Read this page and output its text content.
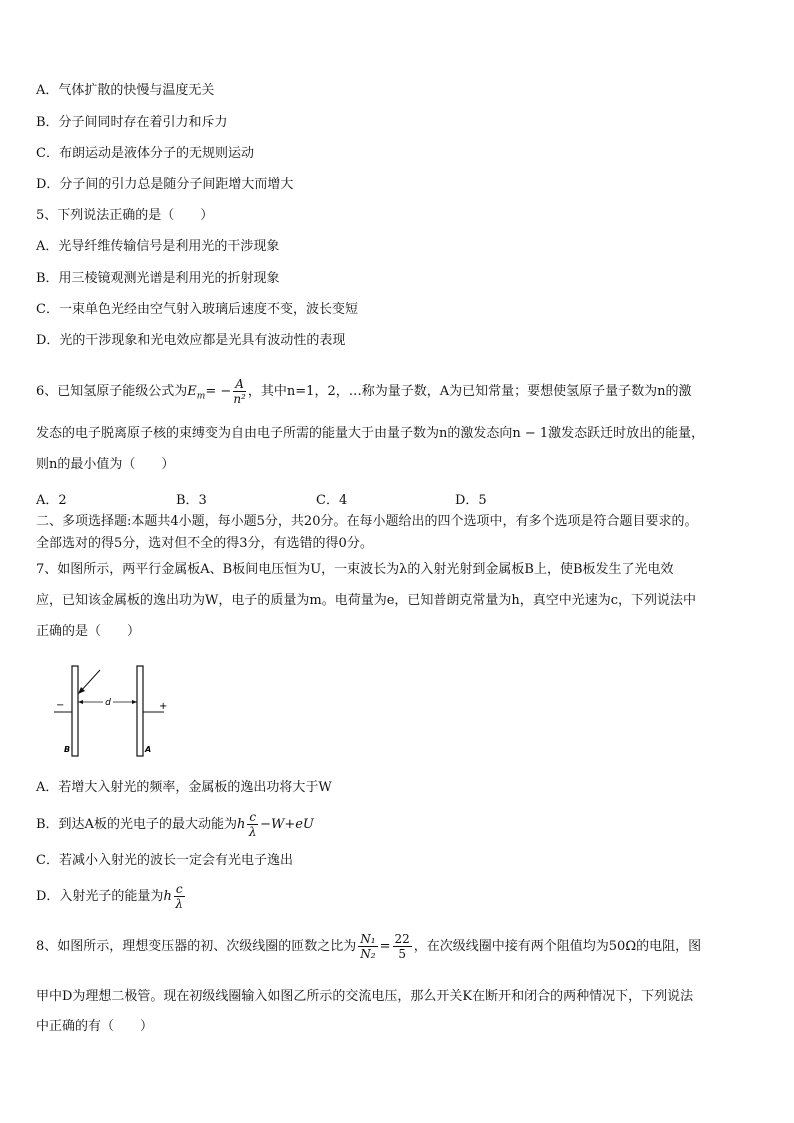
A．气体扩散的快慢与温度无关
B．分子间同时存在着引力和斥力
C．布朗运动是液体分子的无规则运动
D．分子间的引力总是随分子间距增大而增大
5、下列说法正确的是（　　）
A．光导纤维传输信号是利用光的干涉现象
B．用三棱镜观测光谱是利用光的折射现象
C．一束单色光经由空气射入玻璃后速度不变，波长变短
D．光的干涉现象和光电效应都是光具有波动性的表现
6、已知氢原子能级公式为$E_m= - \frac{A}{\text{n²}}$ ，其中n=1，2，…称为量子数，A为已知常量；要想使氢原子量子数为n的激
发态的电子脱离原子核的束缚变为自由电子所需的能量大于由量子数为n的激发态向n − 1激发态跃迁时放出的能量，
则n的最小值为（　　）
A．2	B．3	C．4	D．5
二、多项选择题:本题共4小题，每小题5分，共20分。在每小题给出的四个选项中，有多个选项是符合题目要求的。
全部选对的得5分，选对但不全的得3分，有选错的得0分。
7、如图所示，两平行金属板A、B板间电压恒为U，一束波长为λ的入射光射到金属板B上，使B板发生了光电效
应，已知该金属板的逸出功为W，电子的质量为m。电荷量为e，已知普朗克常量为h，真空中光速为c，下列说法中
正确的是（　　）
d
−	+
B	A
A．若增大入射光的频率，金属板的逸出功将大于W
B．到达A板的光电子的最大动能为h $\frac{c}{\lambda} -W+eU$
C．若减小入射光的波长一定会有光电子逸出
D．入射光子的能量为h $\frac{c}{\lambda}$
8、如图所示，理想变压器的初、次级线圈的匝数之比为 $\frac{\text{N₁}}{\text{N₂}} = \frac{22}{5}$ ，在次级线圈中接有两个阻值均为50Ω的电阻，图
甲中D为理想二极管。现在初级线圈输入如图乙所示的交流电压，那么开关K在断开和闭合的两种情况下，下列说法
中正确的有（　　）
